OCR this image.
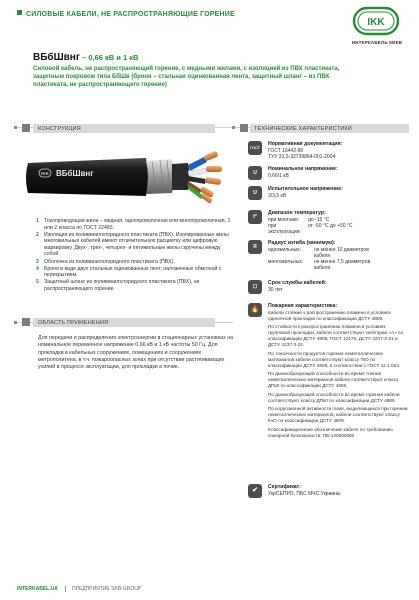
СИЛОВЫЕ КАБЕЛИ, НЕ РАСПРОСТРАНЯЮЩИЕ ГОРЕНИЕ
IKK
ИНТЕРКАБЕЛЬ КИЕВ
ВБбШвнг – 0,66 кВ и 1 кВ
Силовой кабель, не распространяющий горение, с медными жилами, с изоляцией из ПВХ пластиката, защитным покровом типа БбШв (броня – стальная оцинкованная лента, защитный шланг – из ПВХ пластиката, не распространяющего горение)
КОНСТРУКЦИЯ	ТЕХНИЧЕСКИЕ ХАРАКТЕРИСТИКИ
IKK ВБбШвнг
1 Токопроводящая жила – медная, однопроволочная или многопроволочная, 1 или 2 класса по ГОСТ 22483.
2 Изоляция из поливинилхлоридного пластиката (ПВХ). Изолированные жилы многожильных кабелей имеют отличительную расцветку или цифровую маркировку. Двух-, трех-, четырех- и пятижильные жилы скручены между собой.
3 Оболочка из поливинилхлоридного пластиката (ПВХ).
4 Броня в виде двух стальных оцинкованных лент, наложенных обмоткой с перекрытием.
5 Защитный шланг из поливинилхлоридного пластиката (ПВХ), не распространяющего горение.
ОБЛАСТЬ ПРИМЕНЕНИЯ
Для передачи и распределения электроэнергии в стационарных установках на номинальное переменное напряжение 0,66 кВ и 1 кВ частоты 50 Гц. Для прокладки в кабельных сооружениях, помещениях и сооружениях метрополитена, в т.ч. пожароопасных зонах при отсутствии растягивающих усилий в процессе эксплуатации, для прокладки в почве.
ГОСТ
Нормативная документация:
ГОСТ 16442-80
ТУУ 31.3-32739864-001-2004
U
Номинальное напряжение:
0,66/1 кВ
U
Испытательное напряжение:
3/3,5 кВ
t°
Диапазон температур:
при монтаже:	до -15 °С
при эксплуатации:
от -50 °С до +50 °С
R
Радиус изгиба (минимум):
одножильных:	не менее 10 диаметров кабеля
многожильных:	не менее 7,5 диаметров кабеля
☐
Срок службы кабелей:
30 лет
🔥	Пожарная характеристика:
Кабели стойкие к распространению пламени в условиях одиночной прокладки по классификации ДСТУ 4809.
По стойкости к распространению пламени в условиях групповой прокладки, кабели соответствуют категории «А» по классификации ДСТУ 4809, ГОСТ 12176, ДСТУ 4237-3-21 и ДСТУ 4237-3-22.
По токсичности продуктов горения неметаллических материалов кабели соответствуют классу ТкО по классификации ДСТУ 4809, в соответствии с ГОСТ 12.1.044.
По дымообразующей способности во время тления неметаллических материалов кабели соответствуют классу ДПк0 по классификации ДСТУ 4809.
По дымообразующей способности во время горения кабели соответствуют классу ДПк0 по классификации ДСТУ 4809.
По коррозионной активности газов, выделяющихся при горении неметаллических материалов, кабели соответствуют классу КчО по классификации ДСТУ 4809.
Классификационное обозначение кабеля по требованию пожарной безопасности: ПБ-120000000.
✔	Сертификат:
УкрСЕПРО, ПБС МЧС Украины
INTERKABEL.UA	ПРЕДПРИЯТИЕ SKB-GROUP
